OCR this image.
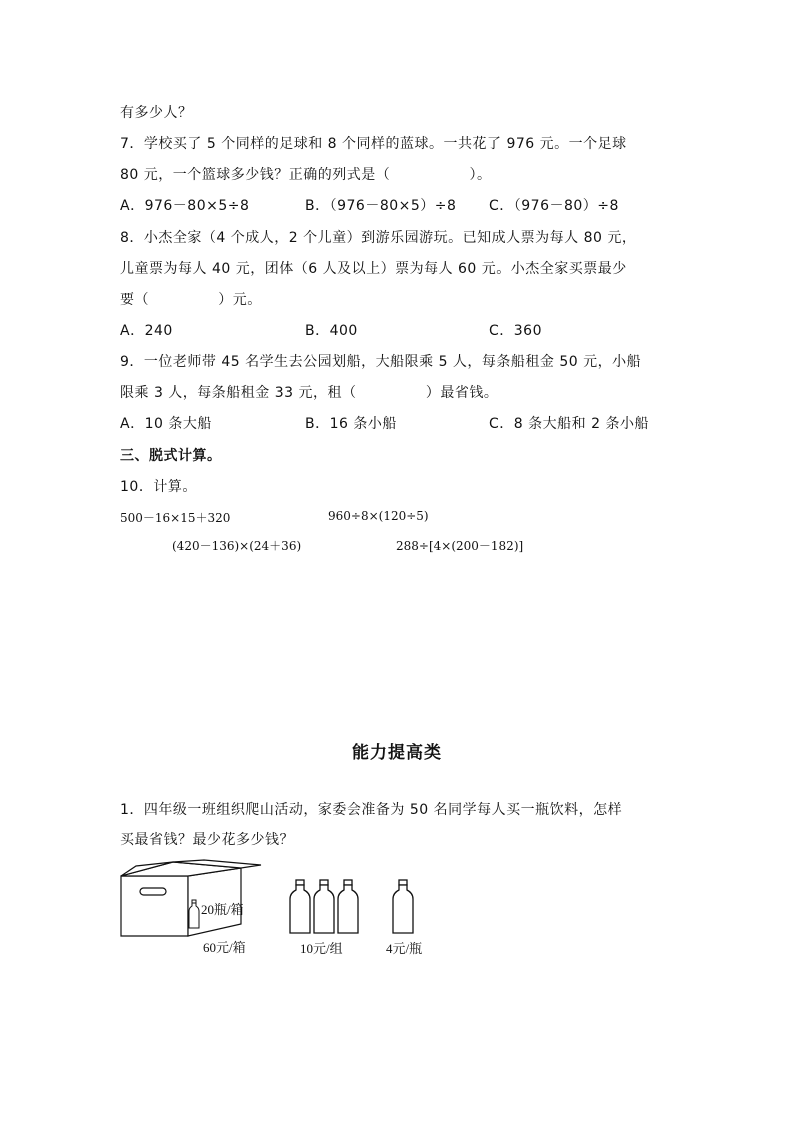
有多少人？
7．学校买了 5 个同样的足球和 8 个同样的蓝球。一共花了 976 元。一个足球
80 元，一个篮球多少钱？正确的列式是（                ）。
A．976－80×5÷8	B．（976－80×5）÷8 C．（976－80）÷8
8．小杰全家（4 个成人，2 个儿童）到游乐园游玩。已知成人票为每人 80 元，
儿童票为每人 40 元，团体（6 人及以上）票为每人 60 元。小杰全家买票最少
要（              ）元。
A．240	B．400	C．360
9．一位老师带 45 名学生去公园划船，大船限乘 5 人，每条船租金 50 元，小船
限乘 3 人，每条船租金 33 元，租（              ）最省钱。
A．10 条大船	B．16 条小船	C．8 条大船和 2 条小船
三、脱式计算。
10．计算。
500－16×15＋320	960÷8×(120÷5)
(420－136)×(24＋36)	288÷[4×(200－182)]
能力提高类
1．四年级一班组织爬山活动，家委会准备为 50 名同学每人买一瓶饮料，怎样
买最省钱？最少花多少钱？
20瓶/箱
60元/箱	10元/组	4元/瓶
